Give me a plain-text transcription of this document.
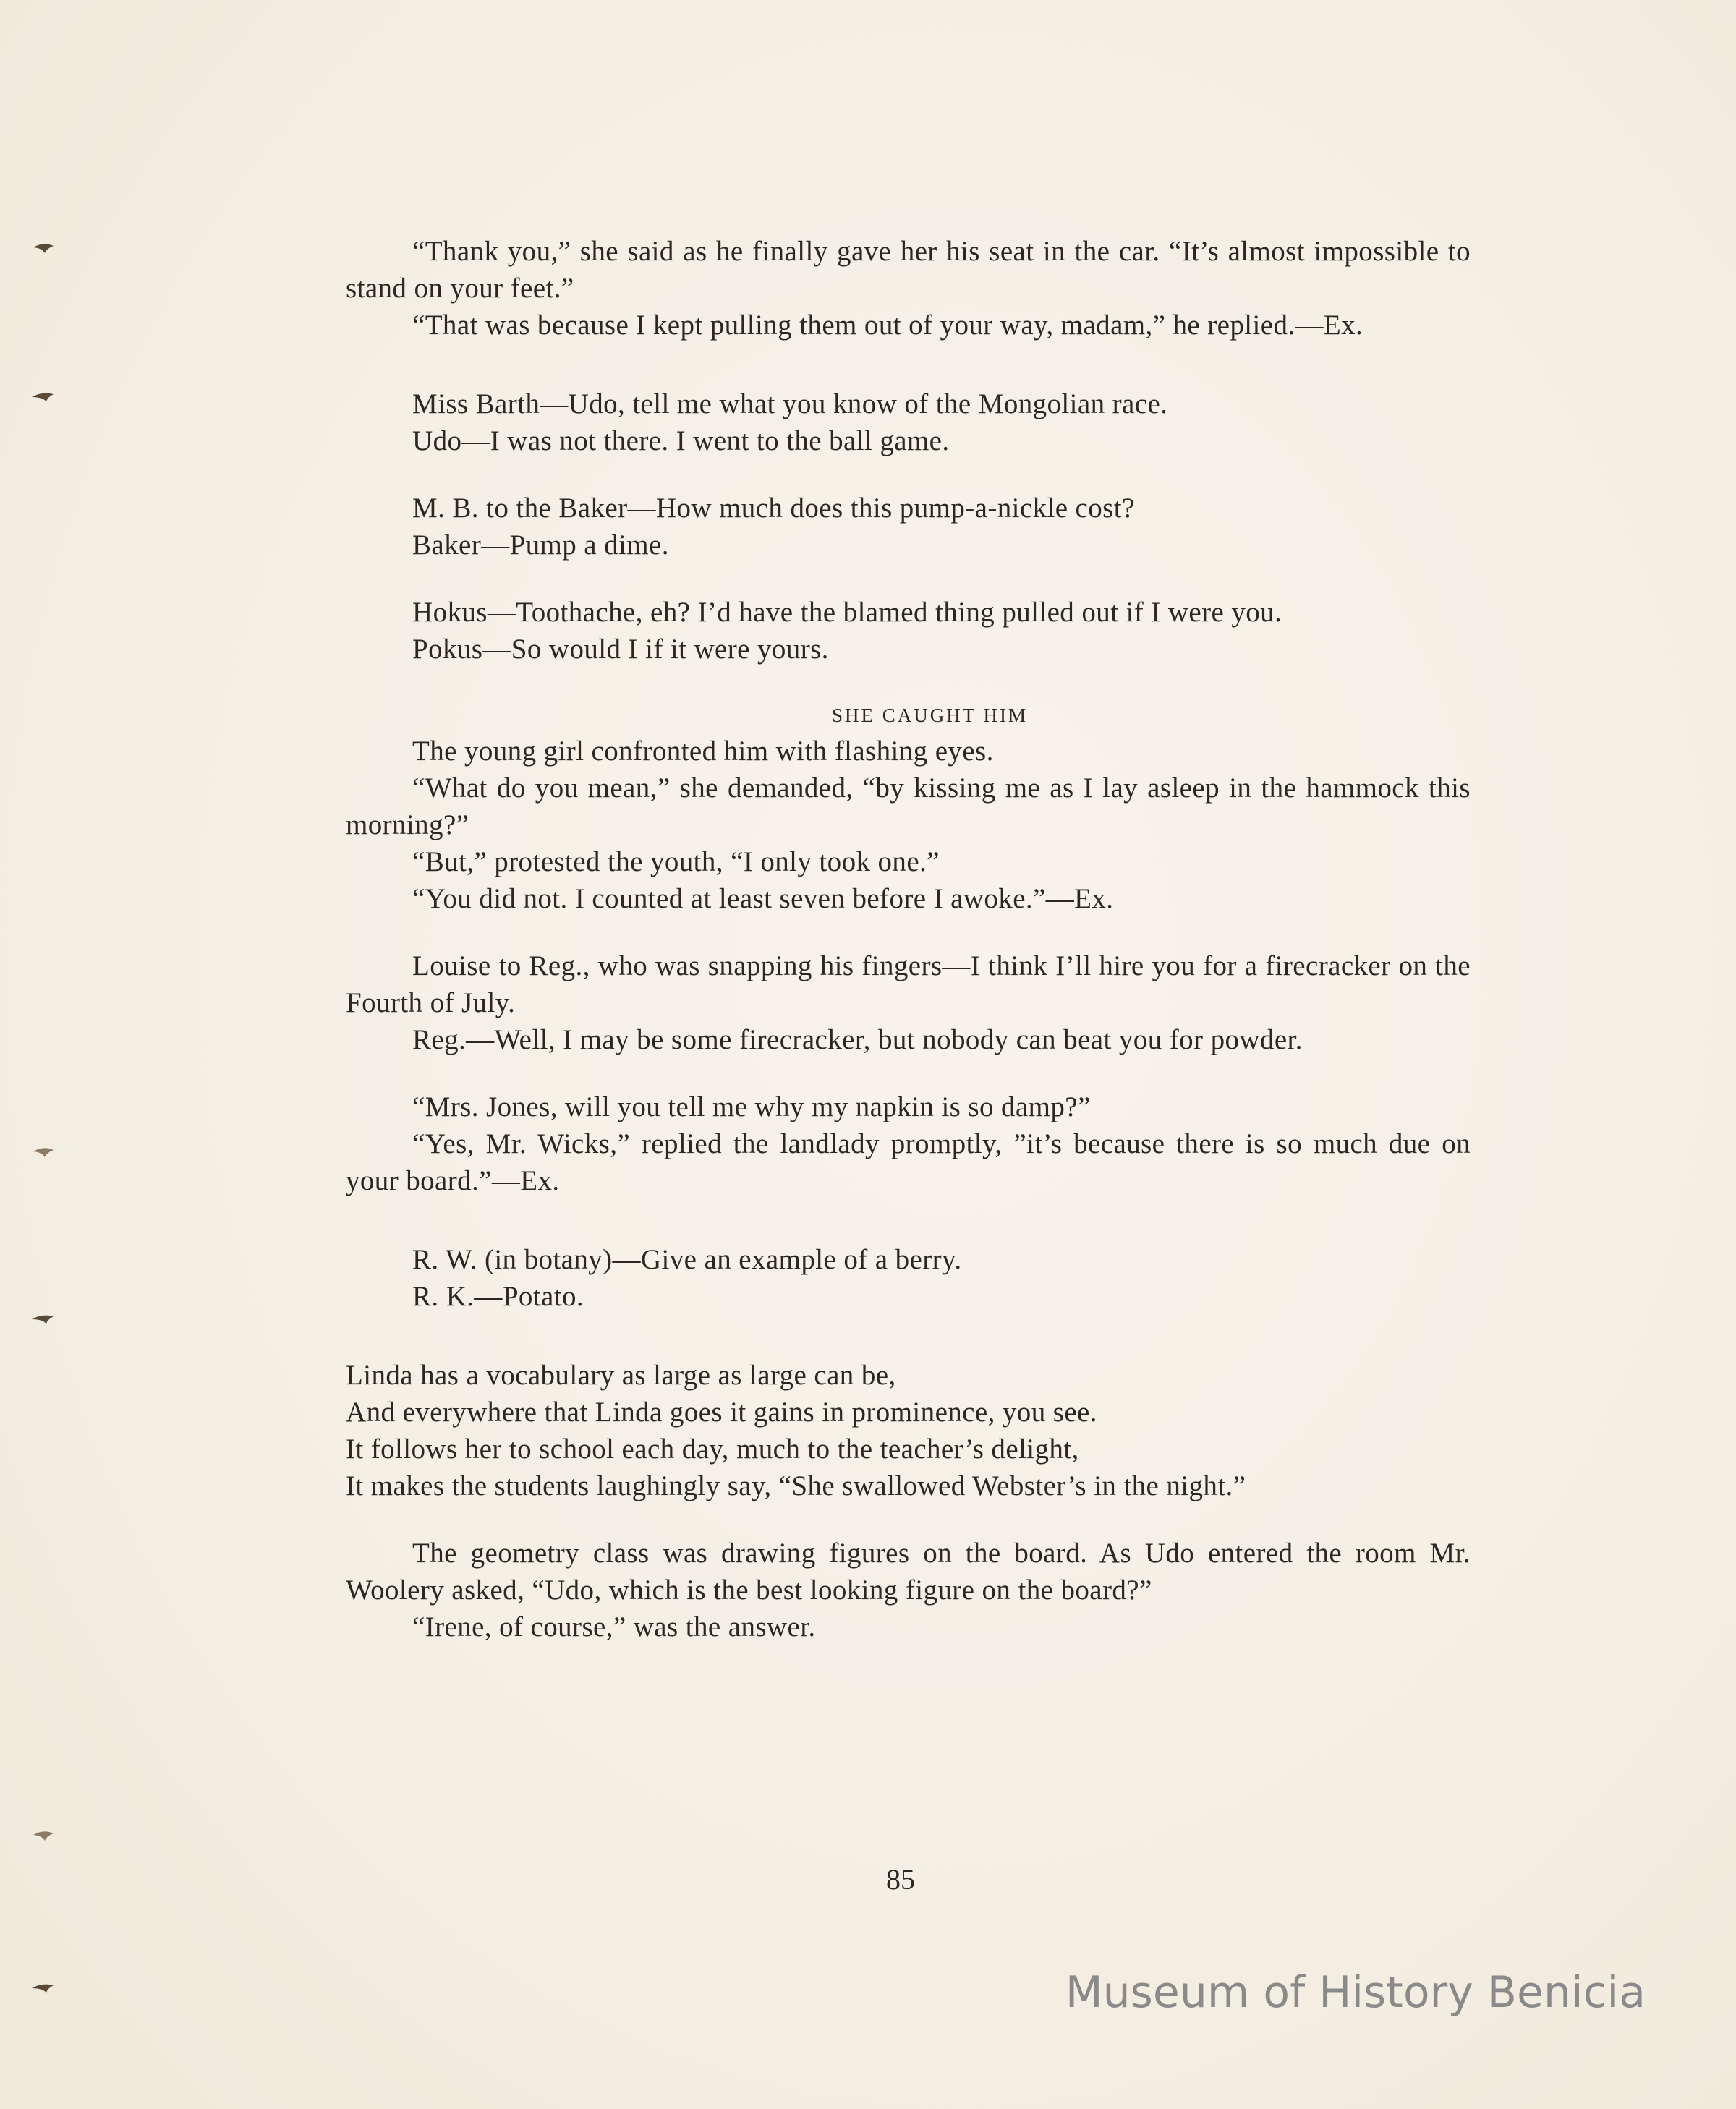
“Thank you,” she said as he finally gave her his seat in the car. “It’s almost impossible to stand on your feet.”

“That was because I kept pulling them out of your way, madam,” he replied.—Ex.

Miss Barth—Udo, tell me what you know of the Mongolian race.

Udo—I was not there. I went to the ball game.

M. B. to the Baker—How much does this pump-a-nickle cost?

Baker—Pump a dime.

Hokus—Toothache, eh? I’d have the blamed thing pulled out if I were you.

Pokus—So would I if it were yours.

SHE CAUGHT HIM

The young girl confronted him with flashing eyes.

“What do you mean,” she demanded, “by kissing me as I lay asleep in the hammock this morning?”

“But,” protested the youth, “I only took one.”

“You did not. I counted at least seven before I awoke.”—Ex.

Louise to Reg., who was snapping his fingers—I think I’ll hire you for a firecracker on the Fourth of July.

Reg.—Well, I may be some firecracker, but nobody can beat you for powder.

“Mrs. Jones, will you tell me why my napkin is so damp?”

“Yes, Mr. Wicks,” replied the landlady promptly, ”it’s because there is so much due on your board.”—Ex.

R. W. (in botany)—Give an example of a berry.

R. K.—Potato.

Linda has a vocabulary as large as large can be,
And everywhere that Linda goes it gains in prominence, you see.
It follows her to school each day, much to the teacher’s delight,
It makes the students laughingly say, “She swallowed Webster’s in the night.”

The geometry class was drawing figures on the board. As Udo entered the room Mr. Woolery asked, “Udo, which is the best looking figure on the board?”

“Irene, of course,” was the answer.

85
Museum of History Benicia
